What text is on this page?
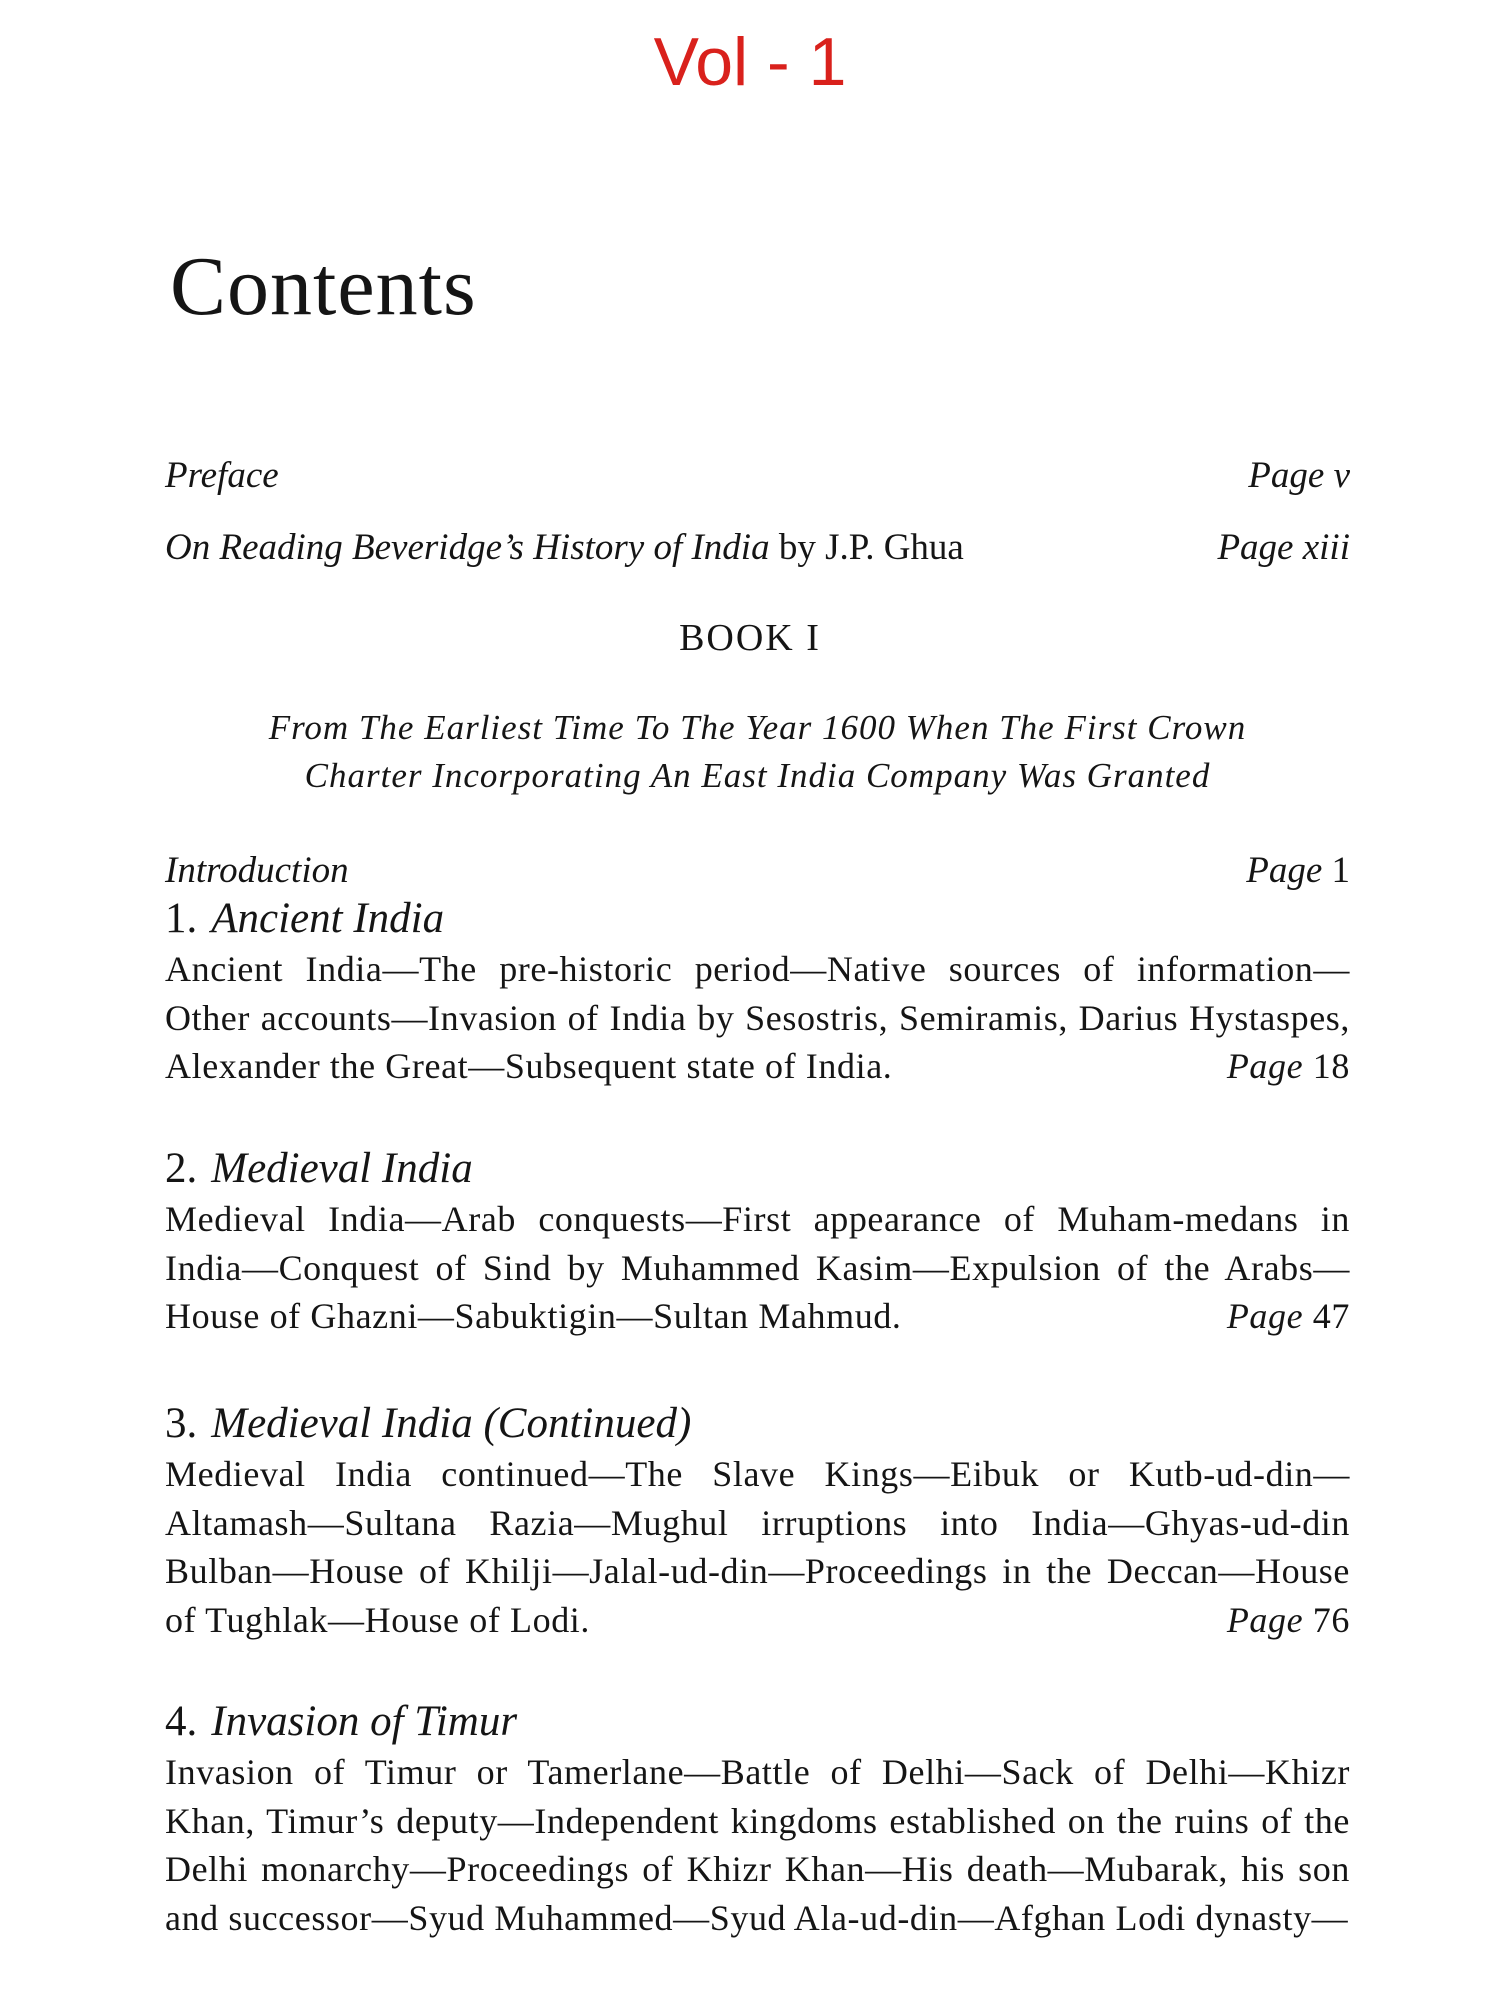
Vol - 1
Contents
Preface	Page v
On Reading Beveridge’s History of India by J.P. Ghua	Page xiii
BOOK I
From The Earliest Time To The Year 1600 When The First Crown
Charter Incorporating An East India Company Was Granted
Introduction	Page 1
1. Ancient India
Ancient India—The pre-historic period—Native sources of information—Other accounts—Invasion of India by Sesostris, Semiramis, Darius Hystaspes, Alexander the Great—Subsequent state of India.	Page 18
2. Medieval India
Medieval India—Arab conquests—First appearance of Muham-medans in India—Conquest of Sind by Muhammed Kasim—Expulsion of the Arabs—House of Ghazni—Sabuktigin—Sultan Mahmud.	Page 47
3. Medieval India (Continued)
Medieval India continued—The Slave Kings—Eibuk or Kutb-ud-din—Altamash—Sultana Razia—Mughul irruptions into India—Ghyas-ud-din Bulban—House of Khilji—Jalal-ud-din—Proceedings in the Deccan—House of Tughlak—House of Lodi.	Page 76
4. Invasion of Timur
Invasion of Timur or Tamerlane—Battle of Delhi—Sack of Delhi—Khizr Khan, Timur’s deputy—Independent kingdoms established on the ruins of the Delhi monarchy—Proceedings of Khizr Khan—His death—Mubarak, his son and successor—Syud Muhammed—Syud Ala-ud-din—Afghan Lodi dynasty—
